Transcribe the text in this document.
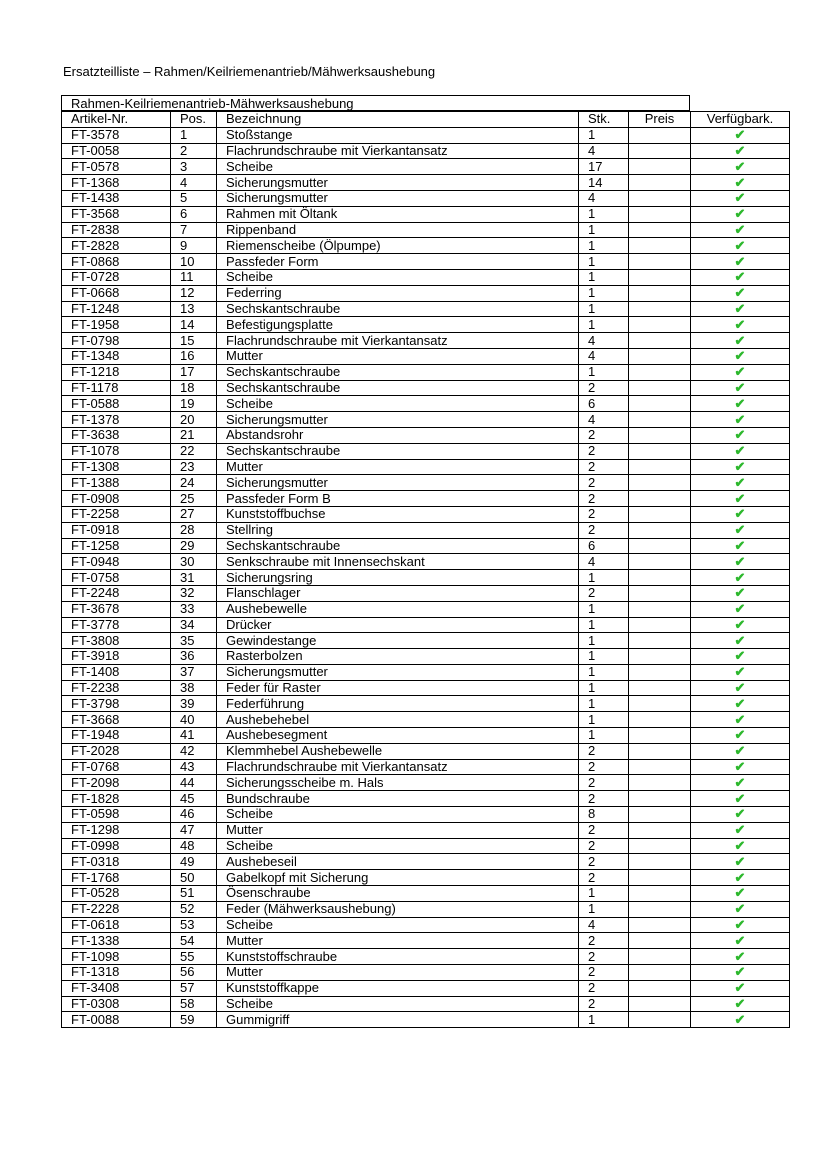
Ersatzteilliste – Rahmen/Keilriemenantrieb/Mähwerksaushebung
Rahmen-Keilriemenantrieb-Mähwerksaushebung
Artikel-Nr.	Pos.	Bezeichnung	Stk.	Preis	Verfügbark.
FT-3578	1	Stoßstange	1		✔
FT-0058	2	Flachrundschraube mit Vierkantansatz	4		✔
FT-0578	3	Scheibe	17		✔
FT-1368	4	Sicherungsmutter	14		✔
FT-1438	5	Sicherungsmutter	4		✔
FT-3568	6	Rahmen mit Öltank	1		✔
FT-2838	7	Rippenband	1		✔
FT-2828	9	Riemenscheibe (Ölpumpe)	1		✔
FT-0868	10	Passfeder Form	1		✔
FT-0728	11	Scheibe	1		✔
FT-0668	12	Federring	1		✔
FT-1248	13	Sechskantschraube	1		✔
FT-1958	14	Befestigungsplatte	1		✔
FT-0798	15	Flachrundschraube mit Vierkantansatz	4		✔
FT-1348	16	Mutter	4		✔
FT-1218	17	Sechskantschraube	1		✔
FT-1178	18	Sechskantschraube	2		✔
FT-0588	19	Scheibe	6		✔
FT-1378	20	Sicherungsmutter	4		✔
FT-3638	21	Abstandsrohr	2		✔
FT-1078	22	Sechskantschraube	2		✔
FT-1308	23	Mutter	2		✔
FT-1388	24	Sicherungsmutter	2		✔
FT-0908	25	Passfeder Form B	2		✔
FT-2258	27	Kunststoffbuchse	2		✔
FT-0918	28	Stellring	2		✔
FT-1258	29	Sechskantschraube	6		✔
FT-0948	30	Senkschraube mit Innensechskant	4		✔
FT-0758	31	Sicherungsring	1		✔
FT-2248	32	Flanschlager	2		✔
FT-3678	33	Aushebewelle	1		✔
FT-3778	34	Drücker	1		✔
FT-3808	35	Gewindestange	1		✔
FT-3918	36	Rasterbolzen	1		✔
FT-1408	37	Sicherungsmutter	1		✔
FT-2238	38	Feder für Raster	1		✔
FT-3798	39	Federführung	1		✔
FT-3668	40	Aushebehebel	1		✔
FT-1948	41	Aushebesegment	1		✔
FT-2028	42	Klemmhebel Aushebewelle	2		✔
FT-0768	43	Flachrundschraube mit Vierkantansatz	2		✔
FT-2098	44	Sicherungsscheibe m. Hals	2		✔
FT-1828	45	Bundschraube	2		✔
FT-0598	46	Scheibe	8		✔
FT-1298	47	Mutter	2		✔
FT-0998	48	Scheibe	2		✔
FT-0318	49	Aushebeseil	2		✔
FT-1768	50	Gabelkopf mit Sicherung	2		✔
FT-0528	51	Ösenschraube	1		✔
FT-2228	52	Feder (Mähwerksaushebung)	1		✔
FT-0618	53	Scheibe	4		✔
FT-1338	54	Mutter	2		✔
FT-1098	55	Kunststoffschraube	2		✔
FT-1318	56	Mutter	2		✔
FT-3408	57	Kunststoffkappe	2		✔
FT-0308	58	Scheibe	2		✔
FT-0088	59	Gummigriff	1		✔
